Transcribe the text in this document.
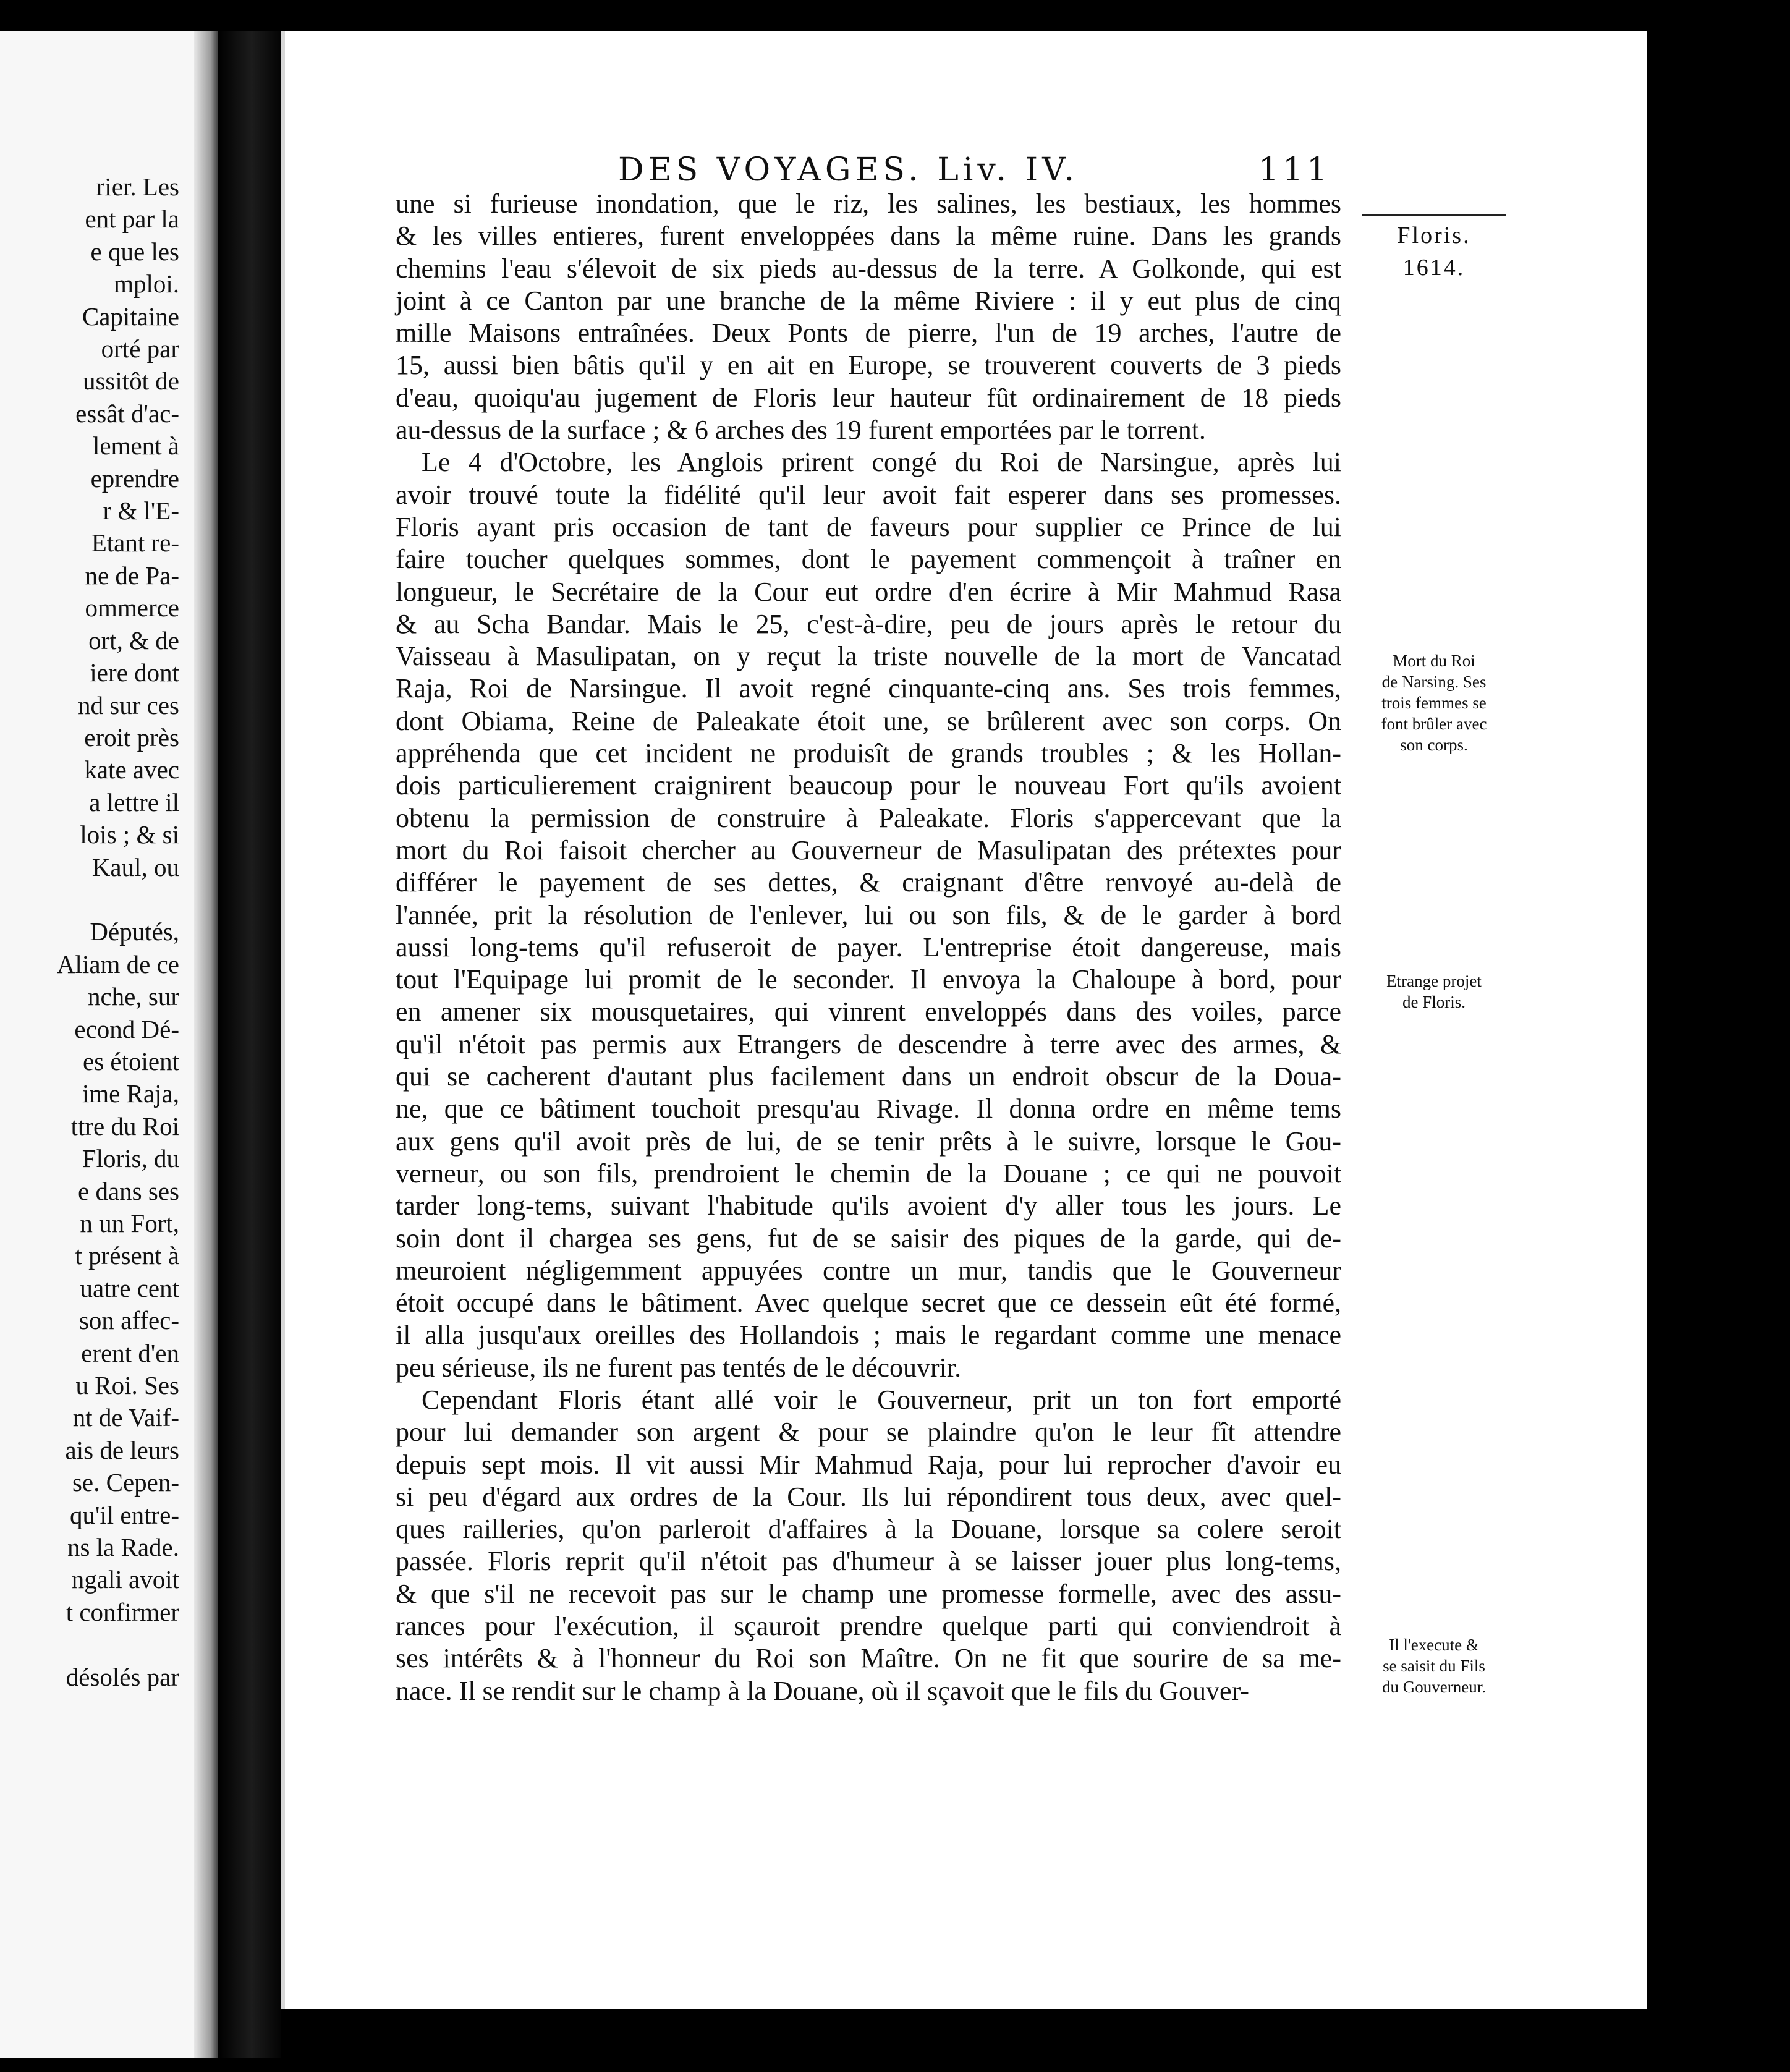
rier. Les
ent par la
e que les
mploi.
Capitaine
orté par
ussitôt de
essât d'ac-
lement à
eprendre
r & l'E-
Etant re-
ne de Pa-
ommerce
ort, & de
iere dont
nd sur ces
eroit près
kate avec
a lettre il
lois ; & si
Kaul, ou
Députés,
Aliam de ce
nche, sur
econd Dé-
es étoient
ime Raja,
ttre du Roi
Floris, du
e dans ses
n un Fort,
t présent à
uatre cent
son affec-
erent d'en
u Roi. Ses
nt de Vaif-
ais de leurs
se. Cepen-
qu'il entre-
ns la Rade.
ngali avoit
t confirmer
désolés par
DES VOYAGES. Liv. IV.	111
Floris.
1614.
une si furieuse inondation, que le riz, les salines, les bestiaux, les hommes
& les villes entieres, furent enveloppées dans la même ruine. Dans les grands
chemins l'eau s'élevoit de six pieds au-dessus de la terre. A Golkonde, qui est
joint à ce Canton par une branche de la même Riviere : il y eut plus de cinq
mille Maisons entraînées. Deux Ponts de pierre, l'un de 19 arches, l'autre de
15, aussi bien bâtis qu'il y en ait en Europe, se trouverent couverts de 3 pieds
d'eau, quoiqu'au jugement de Floris leur hauteur fût ordinairement de 18 pieds
au-dessus de la surface ; & 6 arches des 19 furent emportées par le torrent.
Le 4 d'Octobre, les Anglois prirent congé du Roi de Narsingue, après lui
avoir trouvé toute la fidélité qu'il leur avoit fait esperer dans ses promesses.
Floris ayant pris occasion de tant de faveurs pour supplier ce Prince de lui
faire toucher quelques sommes, dont le payement commençoit à traîner en
longueur, le Secrétaire de la Cour eut ordre d'en écrire à Mir Mahmud Rasa
& au Scha Bandar. Mais le 25, c'est-à-dire, peu de jours après le retour du
Vaisseau à Masulipatan, on y reçut la triste nouvelle de la mort de Vancatad
Raja, Roi de Narsingue. Il avoit regné cinquante-cinq ans. Ses trois femmes,
dont Obiama, Reine de Paleakate étoit une, se brûlerent avec son corps. On
appréhenda que cet incident ne produisît de grands troubles ; & les Hollan-
dois particulierement craignirent beaucoup pour le nouveau Fort qu'ils avoient
obtenu la permission de construire à Paleakate. Floris s'appercevant que la
mort du Roi faisoit chercher au Gouverneur de Masulipatan des prétextes pour
différer le payement de ses dettes, & craignant d'être renvoyé au-delà de
l'année, prit la résolution de l'enlever, lui ou son fils, & de le garder à bord
aussi long-tems qu'il refuseroit de payer. L'entreprise étoit dangereuse, mais
tout l'Equipage lui promit de le seconder. Il envoya la Chaloupe à bord, pour
en amener six mousquetaires, qui vinrent enveloppés dans des voiles, parce
qu'il n'étoit pas permis aux Etrangers de descendre à terre avec des armes, &
qui se cacherent d'autant plus facilement dans un endroit obscur de la Doua-
ne, que ce bâtiment touchoit presqu'au Rivage. Il donna ordre en même tems
aux gens qu'il avoit près de lui, de se tenir prêts à le suivre, lorsque le Gou-
verneur, ou son fils, prendroient le chemin de la Douane ; ce qui ne pouvoit
tarder long-tems, suivant l'habitude qu'ils avoient d'y aller tous les jours. Le
soin dont il chargea ses gens, fut de se saisir des piques de la garde, qui de-
meuroient négligemment appuyées contre un mur, tandis que le Gouverneur
étoit occupé dans le bâtiment. Avec quelque secret que ce dessein eût été formé,
il alla jusqu'aux oreilles des Hollandois ; mais le regardant comme une menace
peu sérieuse, ils ne furent pas tentés de le découvrir.
Cependant Floris étant allé voir le Gouverneur, prit un ton fort emporté
pour lui demander son argent & pour se plaindre qu'on le leur fît attendre
depuis sept mois. Il vit aussi Mir Mahmud Raja, pour lui reprocher d'avoir eu
si peu d'égard aux ordres de la Cour. Ils lui répondirent tous deux, avec quel-
ques railleries, qu'on parleroit d'affaires à la Douane, lorsque sa colere seroit
passée. Floris reprit qu'il n'étoit pas d'humeur à se laisser jouer plus long-tems,
& que s'il ne recevoit pas sur le champ une promesse formelle, avec des assu-
rances pour l'exécution, il sçauroit prendre quelque parti qui conviendroit à
ses intérêts & à l'honneur du Roi son Maître. On ne fit que sourire de sa me-
nace. Il se rendit sur le champ à la Douane, où il sçavoit que le fils du Gouver-
Mort du Roi
de Narsing. Ses
trois femmes se
font brûler avec
son corps.
Etrange projet
de Floris.
Il l'execute &
se saisit du Fils
du Gouverneur.
